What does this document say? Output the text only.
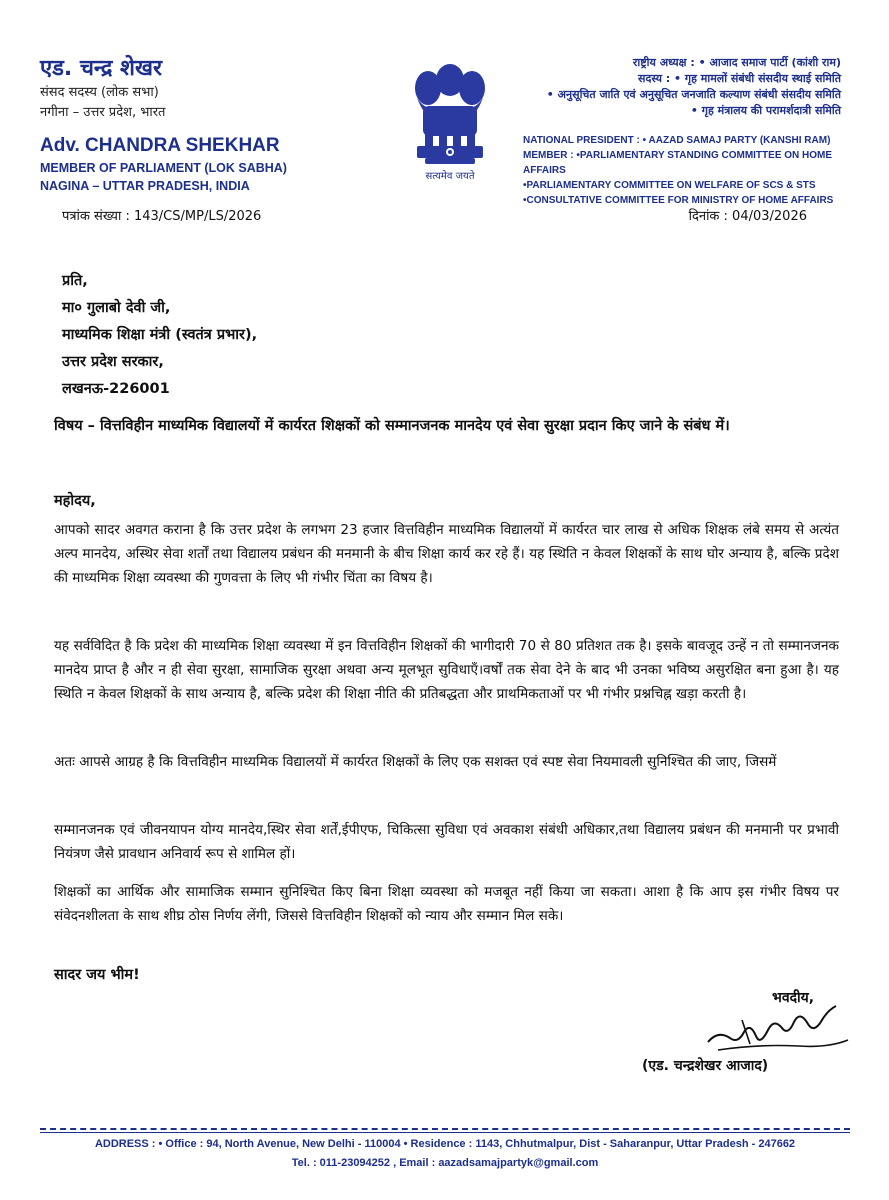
एड. चन्द्र शेखर
संसद सदस्य (लोक सभा)
नगीना – उत्तर प्रदेश, भारत
Adv. CHANDRA SHEKHAR
MEMBER OF PARLIAMENT (LOK SABHA)
NAGINA – UTTAR PRADESH, INDIA
सत्यमेव जयते
राष्ट्रीय अध्यक्ष : • आजाद समाज पार्टी (कांशी राम)
सदस्य : • गृह मामलों संबंधी संसदीय स्थाई समिति
• अनुसूचित जाति एवं अनुसूचित जनजाति कल्याण संबंधी संसदीय समिति
• गृह मंत्रालय की परामर्शदात्री समिति
NATIONAL PRESIDENT : • AAZAD SAMAJ PARTY (KANSHI RAM)
MEMBER : •PARLIAMENTARY STANDING COMMITTEE ON HOME AFFAIRS
•PARLIAMENTARY COMMITTEE ON WELFARE OF SCS & STS
•CONSULTATIVE COMMITTEE FOR MINISTRY OF HOME AFFAIRS
पत्रांक संख्या : 143/CS/MP/LS/2026	दिनांक : 04/03/2026
प्रति,
मा० गुलाबो देवी जी,
माध्यमिक शिक्षा मंत्री (स्वतंत्र प्रभार),
उत्तर प्रदेश सरकार,
लखनऊ-226001
विषय – वित्तविहीन माध्यमिक विद्यालयों में कार्यरत शिक्षकों को सम्मानजनक मानदेय एवं सेवा सुरक्षा प्रदान किए जाने के संबंध में।
महोदय,
आपको सादर अवगत कराना है कि उत्तर प्रदेश के लगभग 23 हजार वित्तविहीन माध्यमिक विद्यालयों में कार्यरत चार लाख से अधिक शिक्षक लंबे समय से अत्यंत अल्प मानदेय, अस्थिर सेवा शर्तों तथा विद्यालय प्रबंधन की मनमानी के बीच शिक्षा कार्य कर रहे हैं। यह स्थिति न केवल शिक्षकों के साथ घोर अन्याय है, बल्कि प्रदेश की माध्यमिक शिक्षा व्यवस्था की गुणवत्ता के लिए भी गंभीर चिंता का विषय है।
यह सर्वविदित है कि प्रदेश की माध्यमिक शिक्षा व्यवस्था में इन वित्तविहीन शिक्षकों की भागीदारी 70 से 80 प्रतिशत तक है। इसके बावजूद उन्हें न तो सम्मानजनक मानदेय प्राप्त है और न ही सेवा सुरक्षा, सामाजिक सुरक्षा अथवा अन्य मूलभूत सुविधाएँ।वर्षों तक सेवा देने के बाद भी उनका भविष्य असुरक्षित बना हुआ है। यह स्थिति न केवल शिक्षकों के साथ अन्याय है, बल्कि प्रदेश की शिक्षा नीति की प्रतिबद्धता और प्राथमिकताओं पर भी गंभीर प्रश्नचिह्न खड़ा करती है।
अतः आपसे आग्रह है कि वित्तविहीन माध्यमिक विद्यालयों में कार्यरत शिक्षकों के लिए एक सशक्त एवं स्पष्ट सेवा नियमावली सुनिश्चित की जाए, जिसमें
सम्मानजनक एवं जीवनयापन योग्य मानदेय,स्थिर सेवा शर्तें,ईपीएफ, चिकित्सा सुविधा एवं अवकाश संबंधी अधिकार,तथा विद्यालय प्रबंधन की मनमानी पर प्रभावी नियंत्रण जैसे प्रावधान अनिवार्य रूप से शामिल हों।
शिक्षकों का आर्थिक और सामाजिक सम्मान सुनिश्चित किए बिना शिक्षा व्यवस्था को मजबूत नहीं किया जा सकता। आशा है कि आप इस गंभीर विषय पर संवेदनशीलता के साथ शीघ्र ठोस निर्णय लेंगी, जिससे वित्तविहीन शिक्षकों को न्याय और सम्मान मिल सके।
सादर जय भीम!
भवदीय,
(एड. चन्द्रशेखर आजाद)
ADDRESS : • Office : 94, North Avenue, New Delhi - 110004 • Residence : 1143, Chhutmalpur, Dist - Saharanpur, Uttar Pradesh - 247662
Tel. : 011-23094252 , Email : aazadsamajpartyk@gmail.com
